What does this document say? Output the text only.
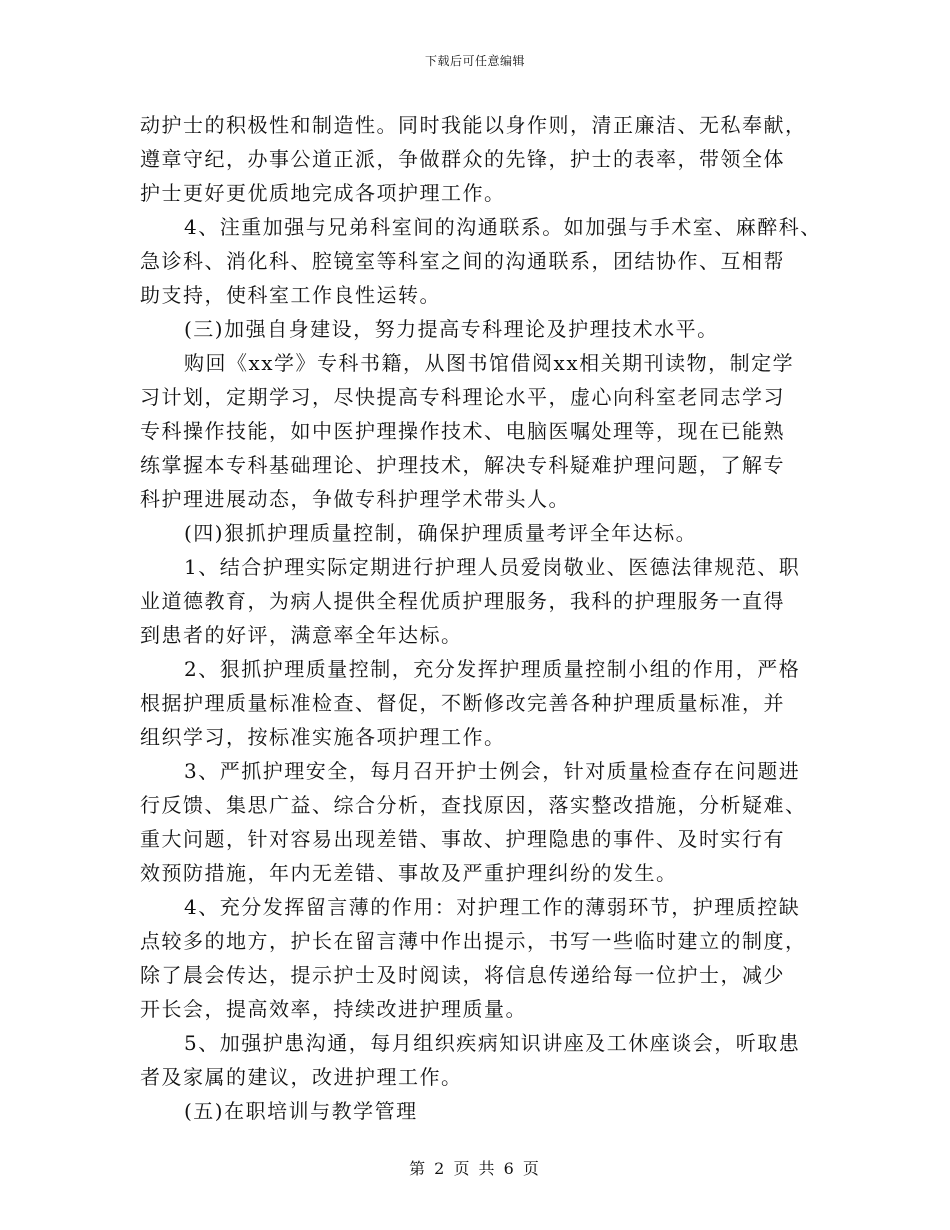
下载后可任意编辑
动护士的积极性和制造性。同时我能以身作则，清正廉洁、无私奉献，
遵章守纪，办事公道正派，争做群众的先锋，护士的表率，带领全体
护士更好更优质地完成各项护理工作。
4、注重加强与兄弟科室间的沟通联系。如加强与手术室、麻醉科、
急诊科、消化科、腔镜室等科室之间的沟通联系，团结协作、互相帮
助支持，使科室工作良性运转。
(三)加强自身建设，努力提高专科理论及护理技术水平。
购回《xx学》专科书籍，从图书馆借阅xx相关期刊读物，制定学
习计划，定期学习，尽快提高专科理论水平，虚心向科室老同志学习
专科操作技能，如中医护理操作技术、电脑医嘱处理等，现在已能熟
练掌握本专科基础理论、护理技术，解决专科疑难护理问题，了解专
科护理进展动态，争做专科护理学术带头人。
(四)狠抓护理质量控制，确保护理质量考评全年达标。
1、结合护理实际定期进行护理人员爱岗敬业、医德法律规范、职
业道德教育，为病人提供全程优质护理服务，我科的护理服务一直得
到患者的好评，满意率全年达标。
2、狠抓护理质量控制，充分发挥护理质量控制小组的作用，严格
根据护理质量标准检查、督促，不断修改完善各种护理质量标准，并
组织学习，按标准实施各项护理工作。
3、严抓护理安全，每月召开护士例会，针对质量检查存在问题进
行反馈、集思广益、综合分析，查找原因，落实整改措施，分析疑难、
重大问题，针对容易出现差错、事故、护理隐患的事件、及时实行有
效预防措施，年内无差错、事故及严重护理纠纷的发生。
4、充分发挥留言薄的作用：对护理工作的薄弱环节，护理质控缺
点较多的地方，护长在留言薄中作出提示，书写一些临时建立的制度，
除了晨会传达，提示护士及时阅读，将信息传递给每一位护士，减少
开长会，提高效率，持续改进护理质量。
5、加强护患沟通，每月组织疾病知识讲座及工休座谈会，听取患
者及家属的建议，改进护理工作。
(五)在职培训与教学管理
第 2 页 共 6 页
